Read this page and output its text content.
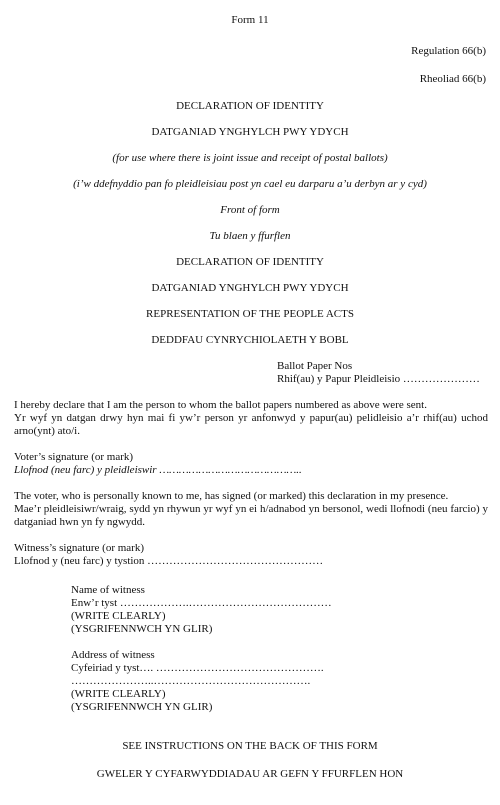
Form 11
Regulation 66(b)
Rheoliad 66(b)
DECLARATION OF IDENTITY
DATGANIAD YNGHYLCH PWY YDYCH
(for use where there is joint issue and receipt of postal ballots)
(i’w ddefnyddio pan fo pleidleisiau post yn cael eu darparu a’u derbyn ar y cyd)
Front of form
Tu blaen y ffurflen
DECLARATION OF IDENTITY
DATGANIAD YNGHYLCH PWY YDYCH
REPRESENTATION OF THE PEOPLE ACTS
DEDDFAU CYNRYCHIOLAETH Y BOBL
Ballot Paper Nos
Rhif(au) y Papur Pleidleisio …………………
I hereby declare that I am the person to whom the ballot papers numbered as above were sent.
Yr wyf yn datgan drwy hyn mai fi yw’r person yr anfonwyd y papur(au) pelidleisio a’r rhif(au) uchod arno(ynt) ato/i.
Voter’s signature (or mark)
Llofnod (neu farc) y pleidleiswir ……………………………………..
The voter, who is personally known to me, has signed (or marked) this declaration in my presence.
Mae’r pleidleisiwr/wraig, sydd yn rhywun yr wyf yn ei h/adnabod yn bersonol, wedi llofnodi (neu farcio) y datganiad hwn yn fy ngwydd.
Witness’s signature (or mark)
Llofnod y (neu farc) y tystion …………………………………………
Name of witness
Enw’r tyst ……………….…………………………………
(WRITE CLEARLY)
(YSGRIFENNWCH YN GLIR)
Address of witness
Cyfeiriad y tyst…. ……………………………………….
…………………..…………………………………….
(WRITE CLEARLY)
(YSGRIFENNWCH YN GLIR)
SEE INSTRUCTIONS ON THE BACK OF THIS FORM
GWELER Y CYFARWYDDIADAU AR GEFN Y FFURFLEN HON
